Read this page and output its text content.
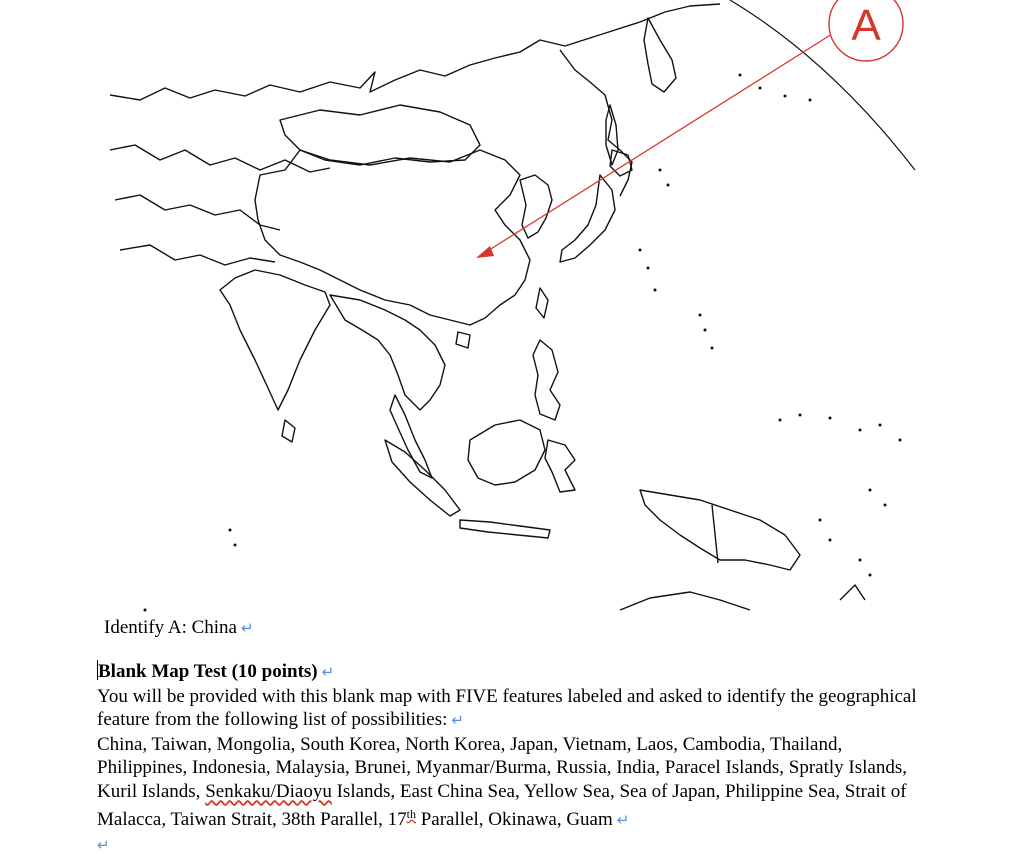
A
Identify A: China ↵
Blank Map Test (10 points) ↵
You will be provided with this blank map with FIVE features labeled and asked to identify the geographical feature from the following list of possibilities: ↵
China, Taiwan, Mongolia, South Korea, North Korea, Japan, Vietnam, Laos, Cambodia, Thailand, Philippines, Indonesia, Malaysia, Brunei, Myanmar/Burma, Russia, India, Paracel Islands, Spratly Islands, Kuril Islands, Senkaku/Diaoyu Islands, East China Sea, Yellow Sea, Sea of Japan, Philippine Sea, Strait of Malacca, Taiwan Strait, 38th Parallel, 17th Parallel, Okinawa, Guam ↵
↵
